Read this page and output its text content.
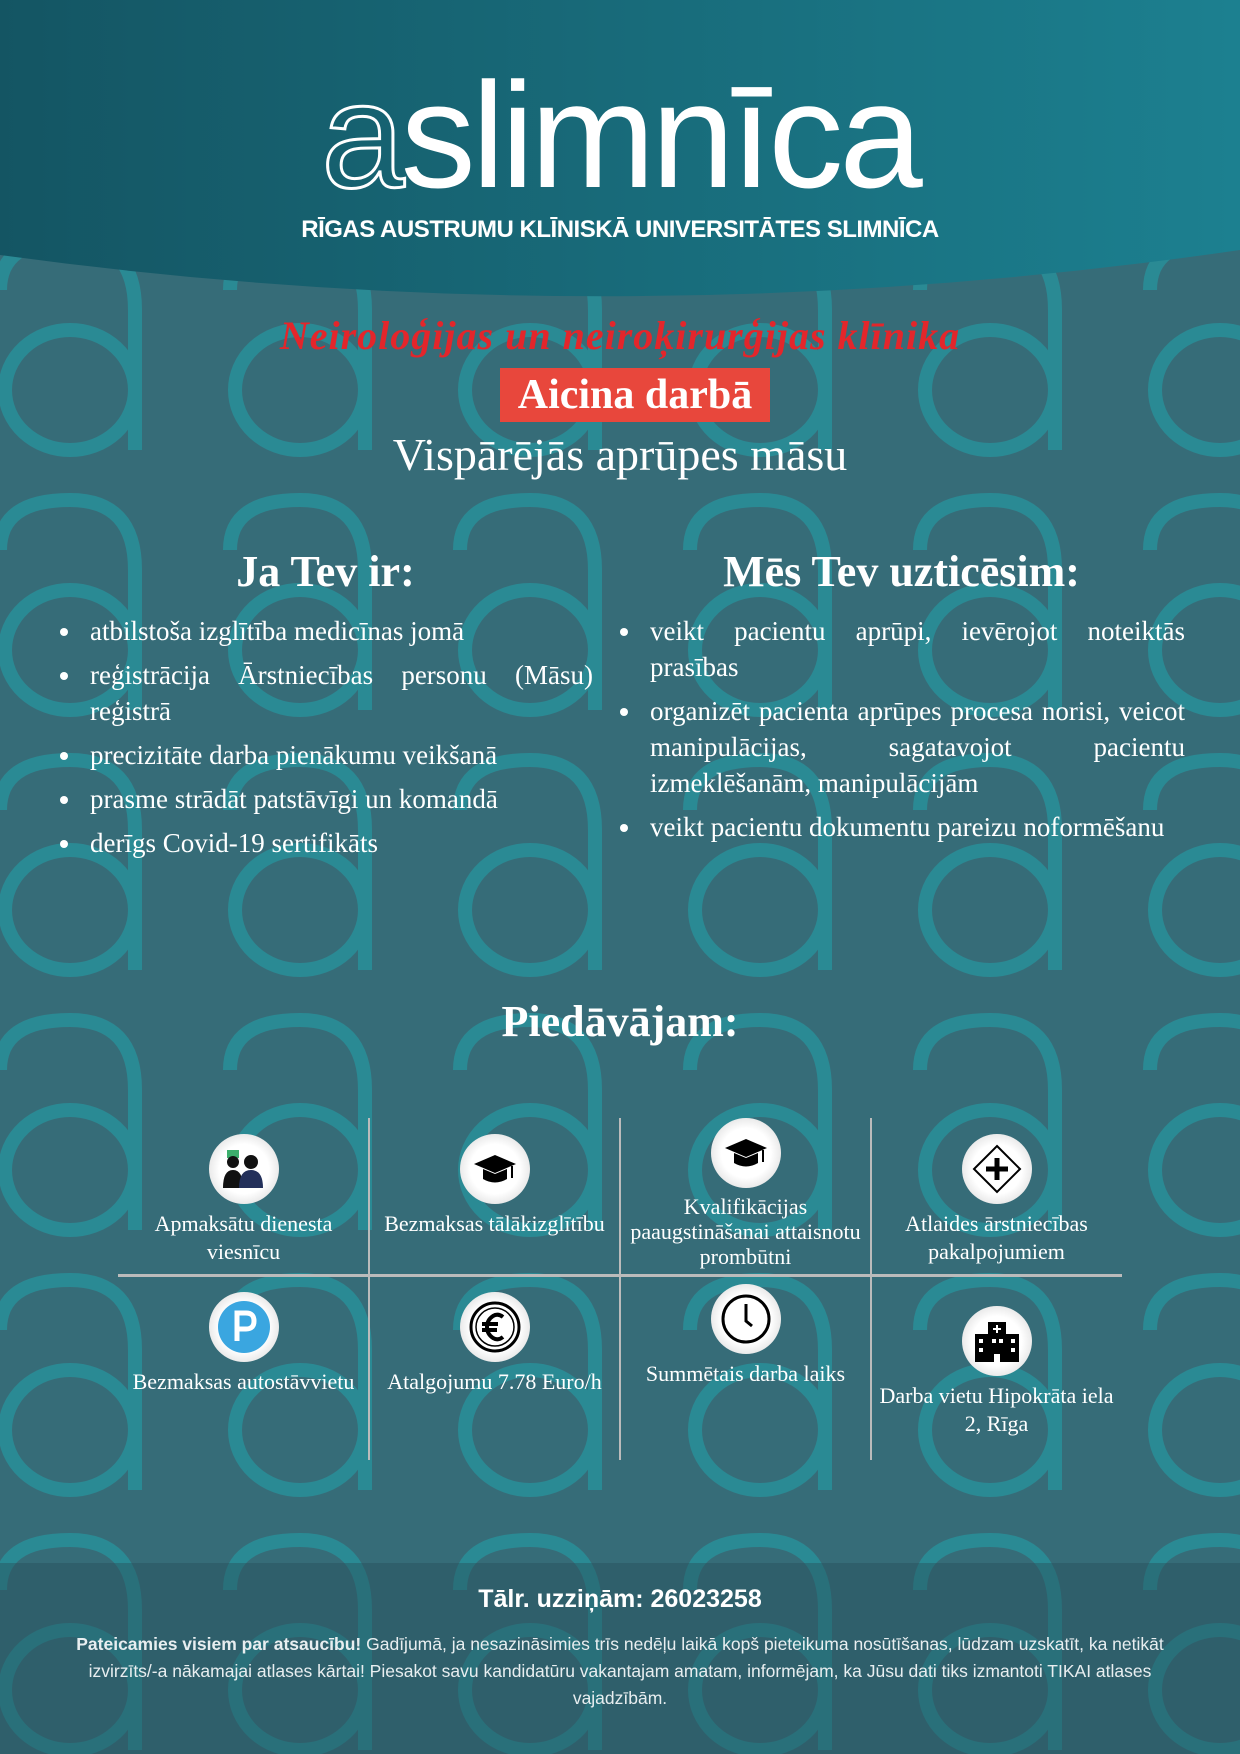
aslimnīca
RĪGAS AUSTRUMU KLĪNISKĀ UNIVERSITĀTES SLIMNĪCA
Neiroloģijas un neiroķirurģijas klīnika
Aicina darbā
Vispārējās aprūpes māsu
Ja Tev ir:
atbilstoša izglītība medicīnas jomā
reģistrācija Ārstniecības personu (Māsu) reģistrā
precizitāte darba pienākumu veikšanā
prasme strādāt patstāvīgi un komandā
derīgs Covid-19 sertifikāts
Mēs Tev uzticēsim:
veikt pacientu aprūpi, ievērojot noteiktās prasības
organizēt pacienta aprūpes procesa norisi, veicot manipulācijas, sagatavojot pacientu izmeklēšanām, manipulācijām
veikt pacientu dokumentu pareizu noformēšanu
Piedāvājam:
Apmaksātu dienesta viesnīcu
Bezmaksas tālākizglītību
Kvalifikācijas paaugstināšanai attaisnotu prombūtni
Atlaides ārstniecības pakalpojumiem
Bezmaksas autostāvvietu	Atalgojumu 7.78 Euro/h	Summētais darba laiks
Darba vietu Hipokrāta iela 2, Rīga
Tālr. uzziņām: 26023258
Pateicamies visiem par atsaucību! Gadījumā, ja nesazināsimies trīs nedēļu laikā kopš pieteikuma nosūtīšanas, lūdzam uzskatīt, ka netikāt izvirzīts/-a nākamajai atlases kārtai! Piesakot savu kandidatūru vakantajam amatam, informējam, ka Jūsu dati tiks izmantoti TIKAI atlases vajadzībām.
